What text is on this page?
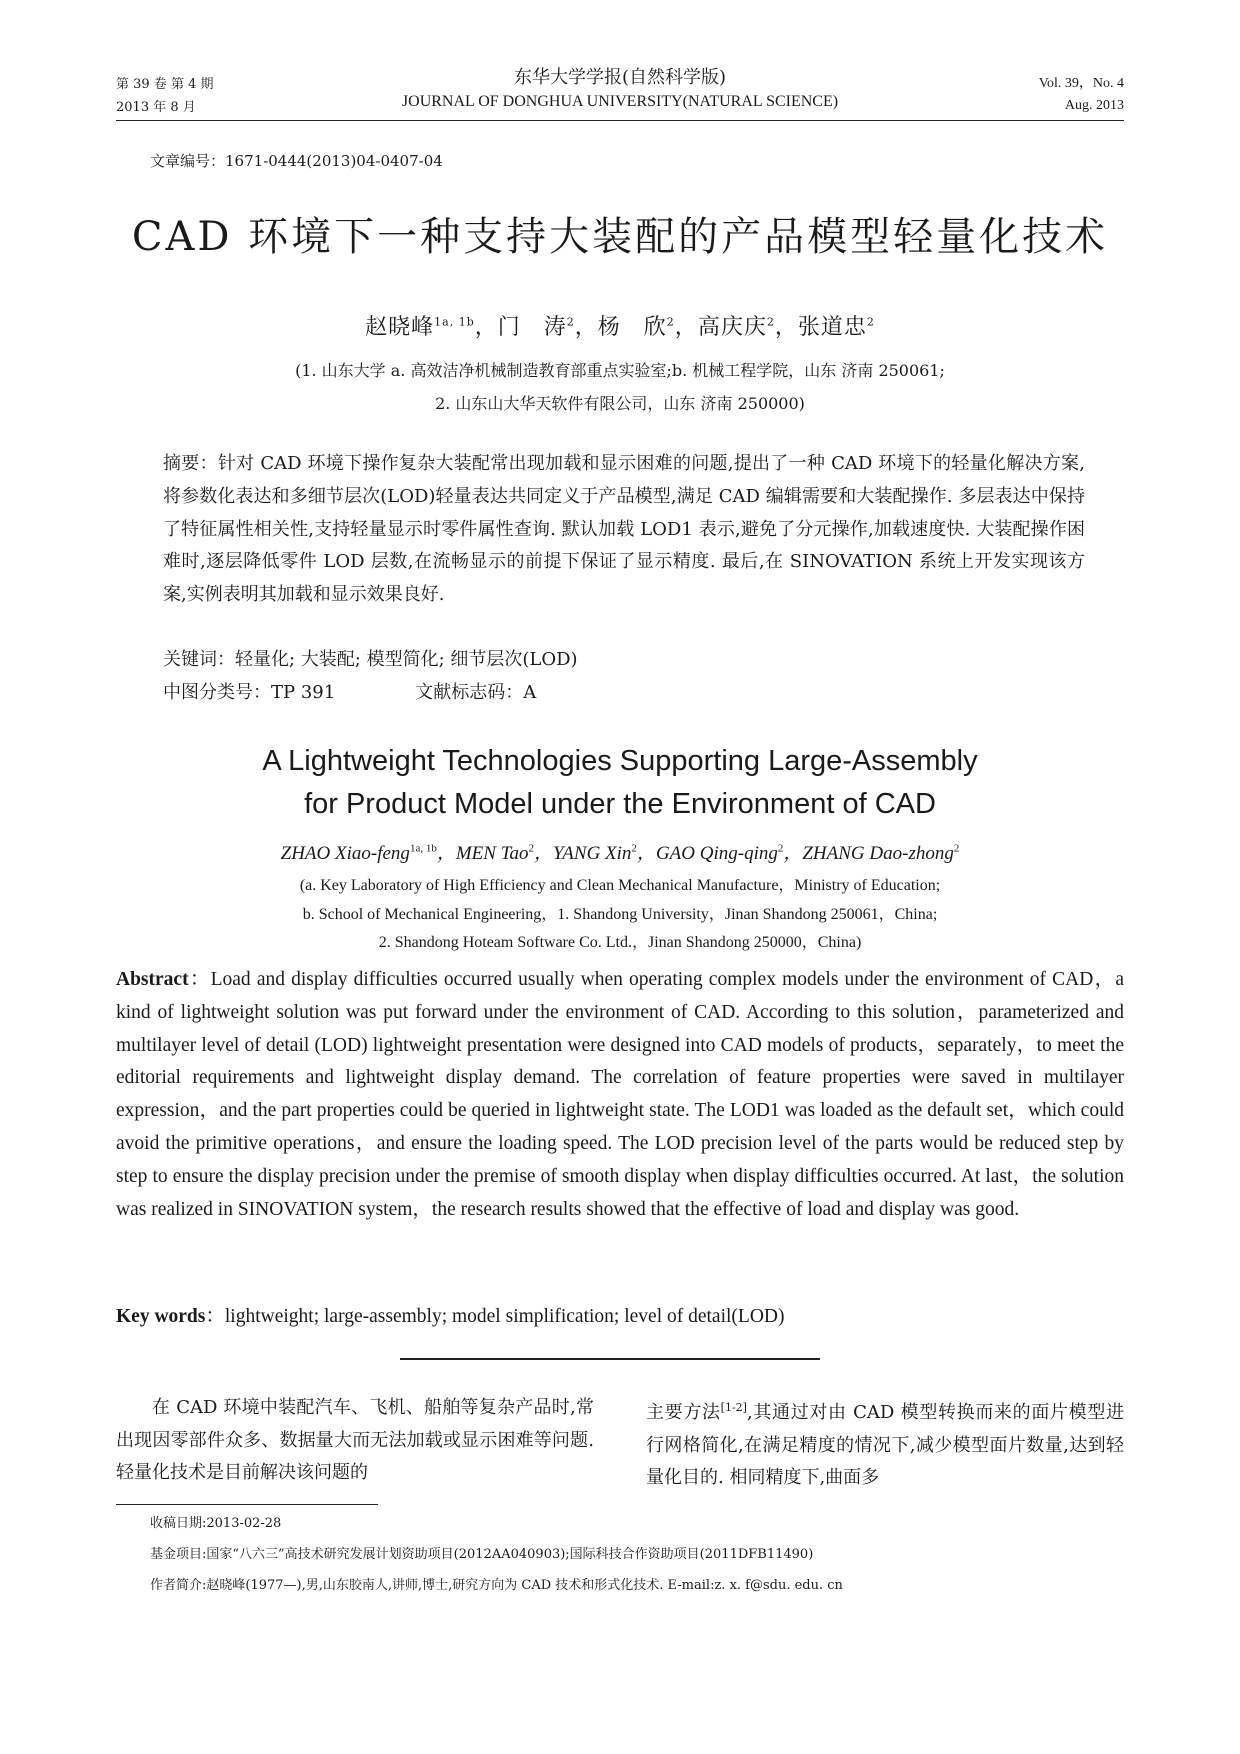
第 39 卷 第 4 期
2013 年 8 月
东华大学学报(自然科学版)
JOURNAL OF DONGHUA UNIVERSITY(NATURAL SCIENCE)
Vol. 39，No. 4
Aug. 2013
文章编号：1671-0444(2013)04-0407-04
CAD 环境下一种支持大装配的产品模型轻量化技术
赵晓峰$^{1a, 1b}$，门　涛$^2$，杨　欣$^2$，高庆庆$^2$，张道忠$^2$
(1. 山东大学 a. 高效洁净机械制造教育部重点实验室;b. 机械工程学院，山东 济南 250061;
2. 山东山大华天软件有限公司，山东 济南 250000)
摘要：针对 CAD 环境下操作复杂大装配常出现加载和显示困难的问题,提出了一种 CAD 环境下的轻量化解决方案,将参数化表达和多细节层次(LOD)轻量表达共同定义于产品模型,满足 CAD 编辑需要和大装配操作. 多层表达中保持了特征属性相关性,支持轻量显示时零件属性查询. 默认加载 LOD1 表示,避免了分元操作,加载速度快. 大装配操作困难时,逐层降低零件 LOD 层数,在流畅显示的前提下保证了显示精度. 最后,在 SINOVATION 系统上开发实现该方案,实例表明其加载和显示效果良好.
关键词：轻量化; 大装配; 模型简化; 细节层次(LOD)
中图分类号：TP 391	文献标志码：A
A Lightweight Technologies Supporting Large-Assembly
for Product Model under the Environment of CAD
ZHAO Xiao-feng$^{1a, 1b}$，MEN Tao$^2$，YANG Xin$^2$，GAO Qing-qing$^2$，ZHANG Dao-zhong$^2$
(a. Key Laboratory of High Efficiency and Clean Mechanical Manufacture，Ministry of Education;
b. School of Mechanical Engineering，1. Shandong University，Jinan Shandong 250061，China;
2. Shandong Hoteam Software Co. Ltd.，Jinan Shandong 250000，China)
Abstract：Load and display difficulties occurred usually when operating complex models under the environment of CAD，a kind of lightweight solution was put forward under the environment of CAD. According to this solution，parameterized and multilayer level of detail (LOD) lightweight presentation were designed into CAD models of products，separately，to meet the editorial requirements and lightweight display demand. The correlation of feature properties were saved in multilayer expression，and the part properties could be queried in lightweight state. The LOD1 was loaded as the default set，which could avoid the primitive operations，and ensure the loading speed. The LOD precision level of the parts would be reduced step by step to ensure the display precision under the premise of smooth display when display difficulties occurred. At last，the solution was realized in SINOVATION system，the research results showed that the effective of load and display was good.
Key words：lightweight; large-assembly; model simplification; level of detail(LOD)
在 CAD 环境中装配汽车、飞机、船舶等复杂产品时,常出现因零部件众多、数据量大而无法加载或显示困难等问题. 轻量化技术是目前解决该问题的
主要方法[1-2],其通过对由 CAD 模型转换而来的面片模型进行网格简化,在满足精度的情况下,减少模型面片数量,达到轻量化目的. 相同精度下,曲面多
收稿日期:2013-02-28
基金项目:国家“八六三”高技术研究发展计划资助项目(2012AA040903);国际科技合作资助项目(2011DFB11490)
作者简介:赵晓峰(1977—),男,山东胶南人,讲师,博士,研究方向为 CAD 技术和形式化技术. E-mail:z. x. f@sdu. edu. cn
